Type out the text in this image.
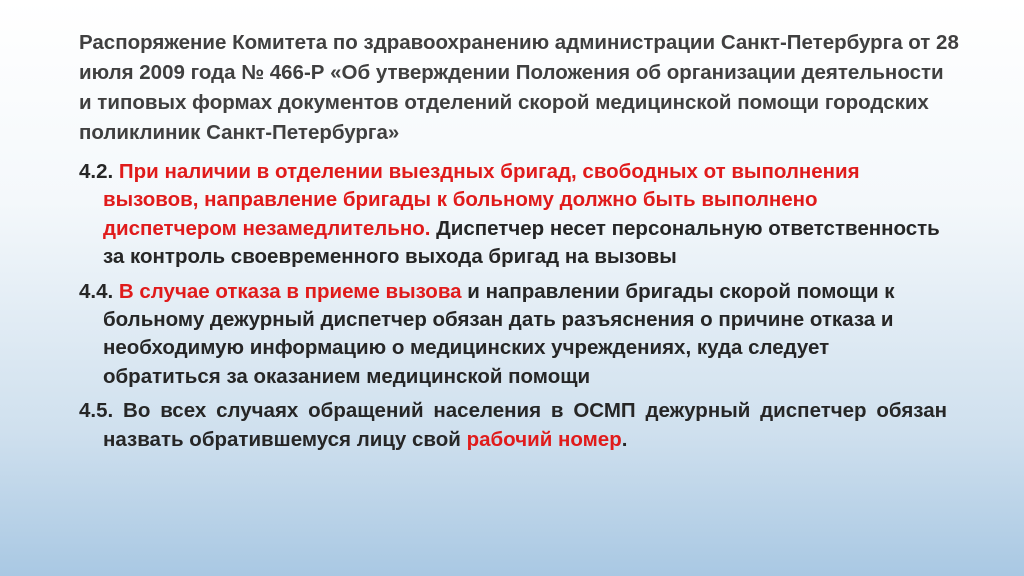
Распоряжение Комитета по здравоохранению администрации Санкт-Петербурга от 28 июля 2009 года № 466-Р «Об утверждении Положения об организации деятельности и типовых формах документов отделений скорой медицинской помощи городских поликлиник Санкт-Петербурга»

4.2. При наличии в отделении выездных бригад, свободных от выполнения вызовов, направление бригады к больному должно быть выполнено диспетчером незамедлительно. Диспетчер несет персональную ответственность за контроль своевременного выхода бригад на вызовы

4.4. В случае отказа в приеме вызова и направлении бригады скорой помощи к больному дежурный диспетчер обязан дать разъяснения о причине отказа и необходимую информацию о медицинских учреждениях, куда следует обратиться за оказанием медицинской помощи

4.5. Во всех случаях обращений населения в ОСМП дежурный диспетчер обязан назвать обратившемуся лицу свой рабочий номер.
